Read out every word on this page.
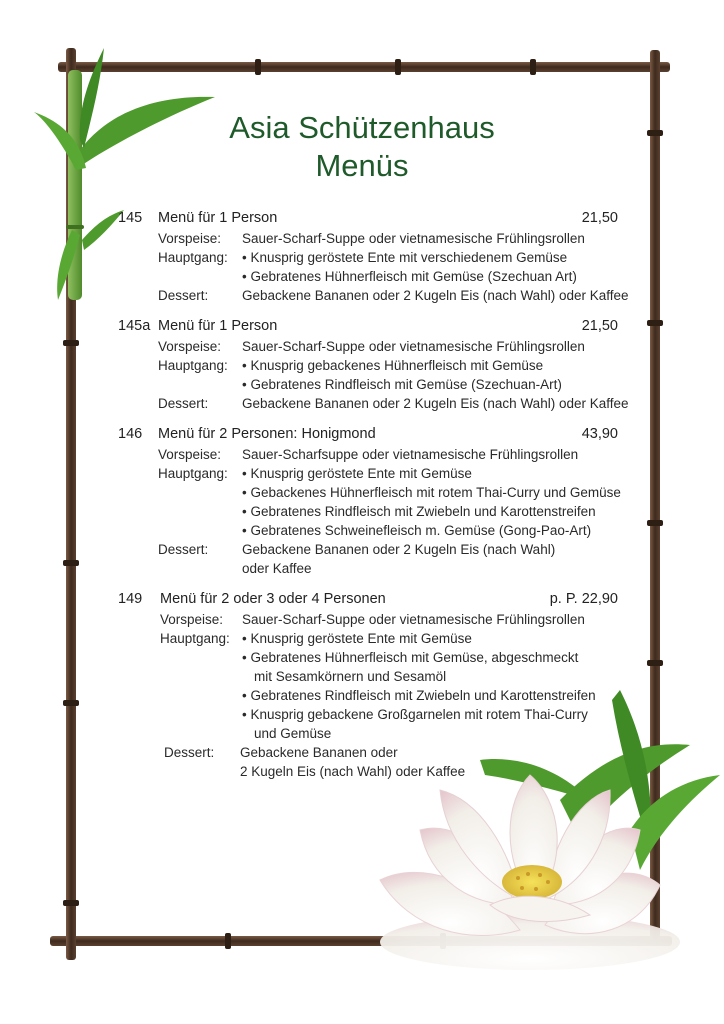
Asia Schützenhaus
Menüs
145 Menü für 1 Person	21,50
Vorspeise: Sauer-Scharf-Suppe oder vietnamesische Frühlingsrollen
Hauptgang: • Knusprig geröstete Ente mit verschiedenem Gemüse
• Gebratenes Hühnerfleisch mit Gemüse (Szechuan Art)
Dessert: Gebackene Bananen oder 2 Kugeln Eis (nach Wahl) oder Kaffee
145a Menü für 1 Person	21,50
Vorspeise: Sauer-Scharf-Suppe oder vietnamesische Frühlingsrollen
Hauptgang: • Knusprig gebackenes Hühnerfleisch mit Gemüse
• Gebratenes Rindfleisch mit Gemüse (Szechuan-Art)
Dessert: Gebackene Bananen oder 2 Kugeln Eis (nach Wahl) oder Kaffee
146 Menü für 2 Personen: Honigmond	43,90
Vorspeise: Sauer-Scharfsuppe oder vietnamesische Frühlingsrollen
Hauptgang: • Knusprig geröstete Ente mit Gemüse
• Gebackenes Hühnerfleisch mit rotem Thai-Curry und Gemüse
• Gebratenes Rindfleisch mit Zwiebeln und Karottenstreifen
• Gebratenes Schweinefleisch m. Gemüse (Gong-Pao-Art)
Dessert: Gebackene Bananen oder 2 Kugeln Eis (nach Wahl)
oder Kaffee
149 Menü für 2 oder 3 oder 4 Personen	p. P. 22,90
Vorspeise: Sauer-Scharf-Suppe oder vietnamesische Frühlingsrollen
Hauptgang: • Knusprig geröstete Ente mit Gemüse
• Gebratenes Hühnerfleisch mit Gemüse, abgeschmeckt
mit Sesamkörnern und Sesamöl
• Gebratenes Rindfleisch mit Zwiebeln und Karottenstreifen
• Knusprig gebackene Großgarnelen mit rotem Thai-Curry
und Gemüse
Dessert: Gebackene Bananen oder
2 Kugeln Eis (nach Wahl) oder Kaffee
